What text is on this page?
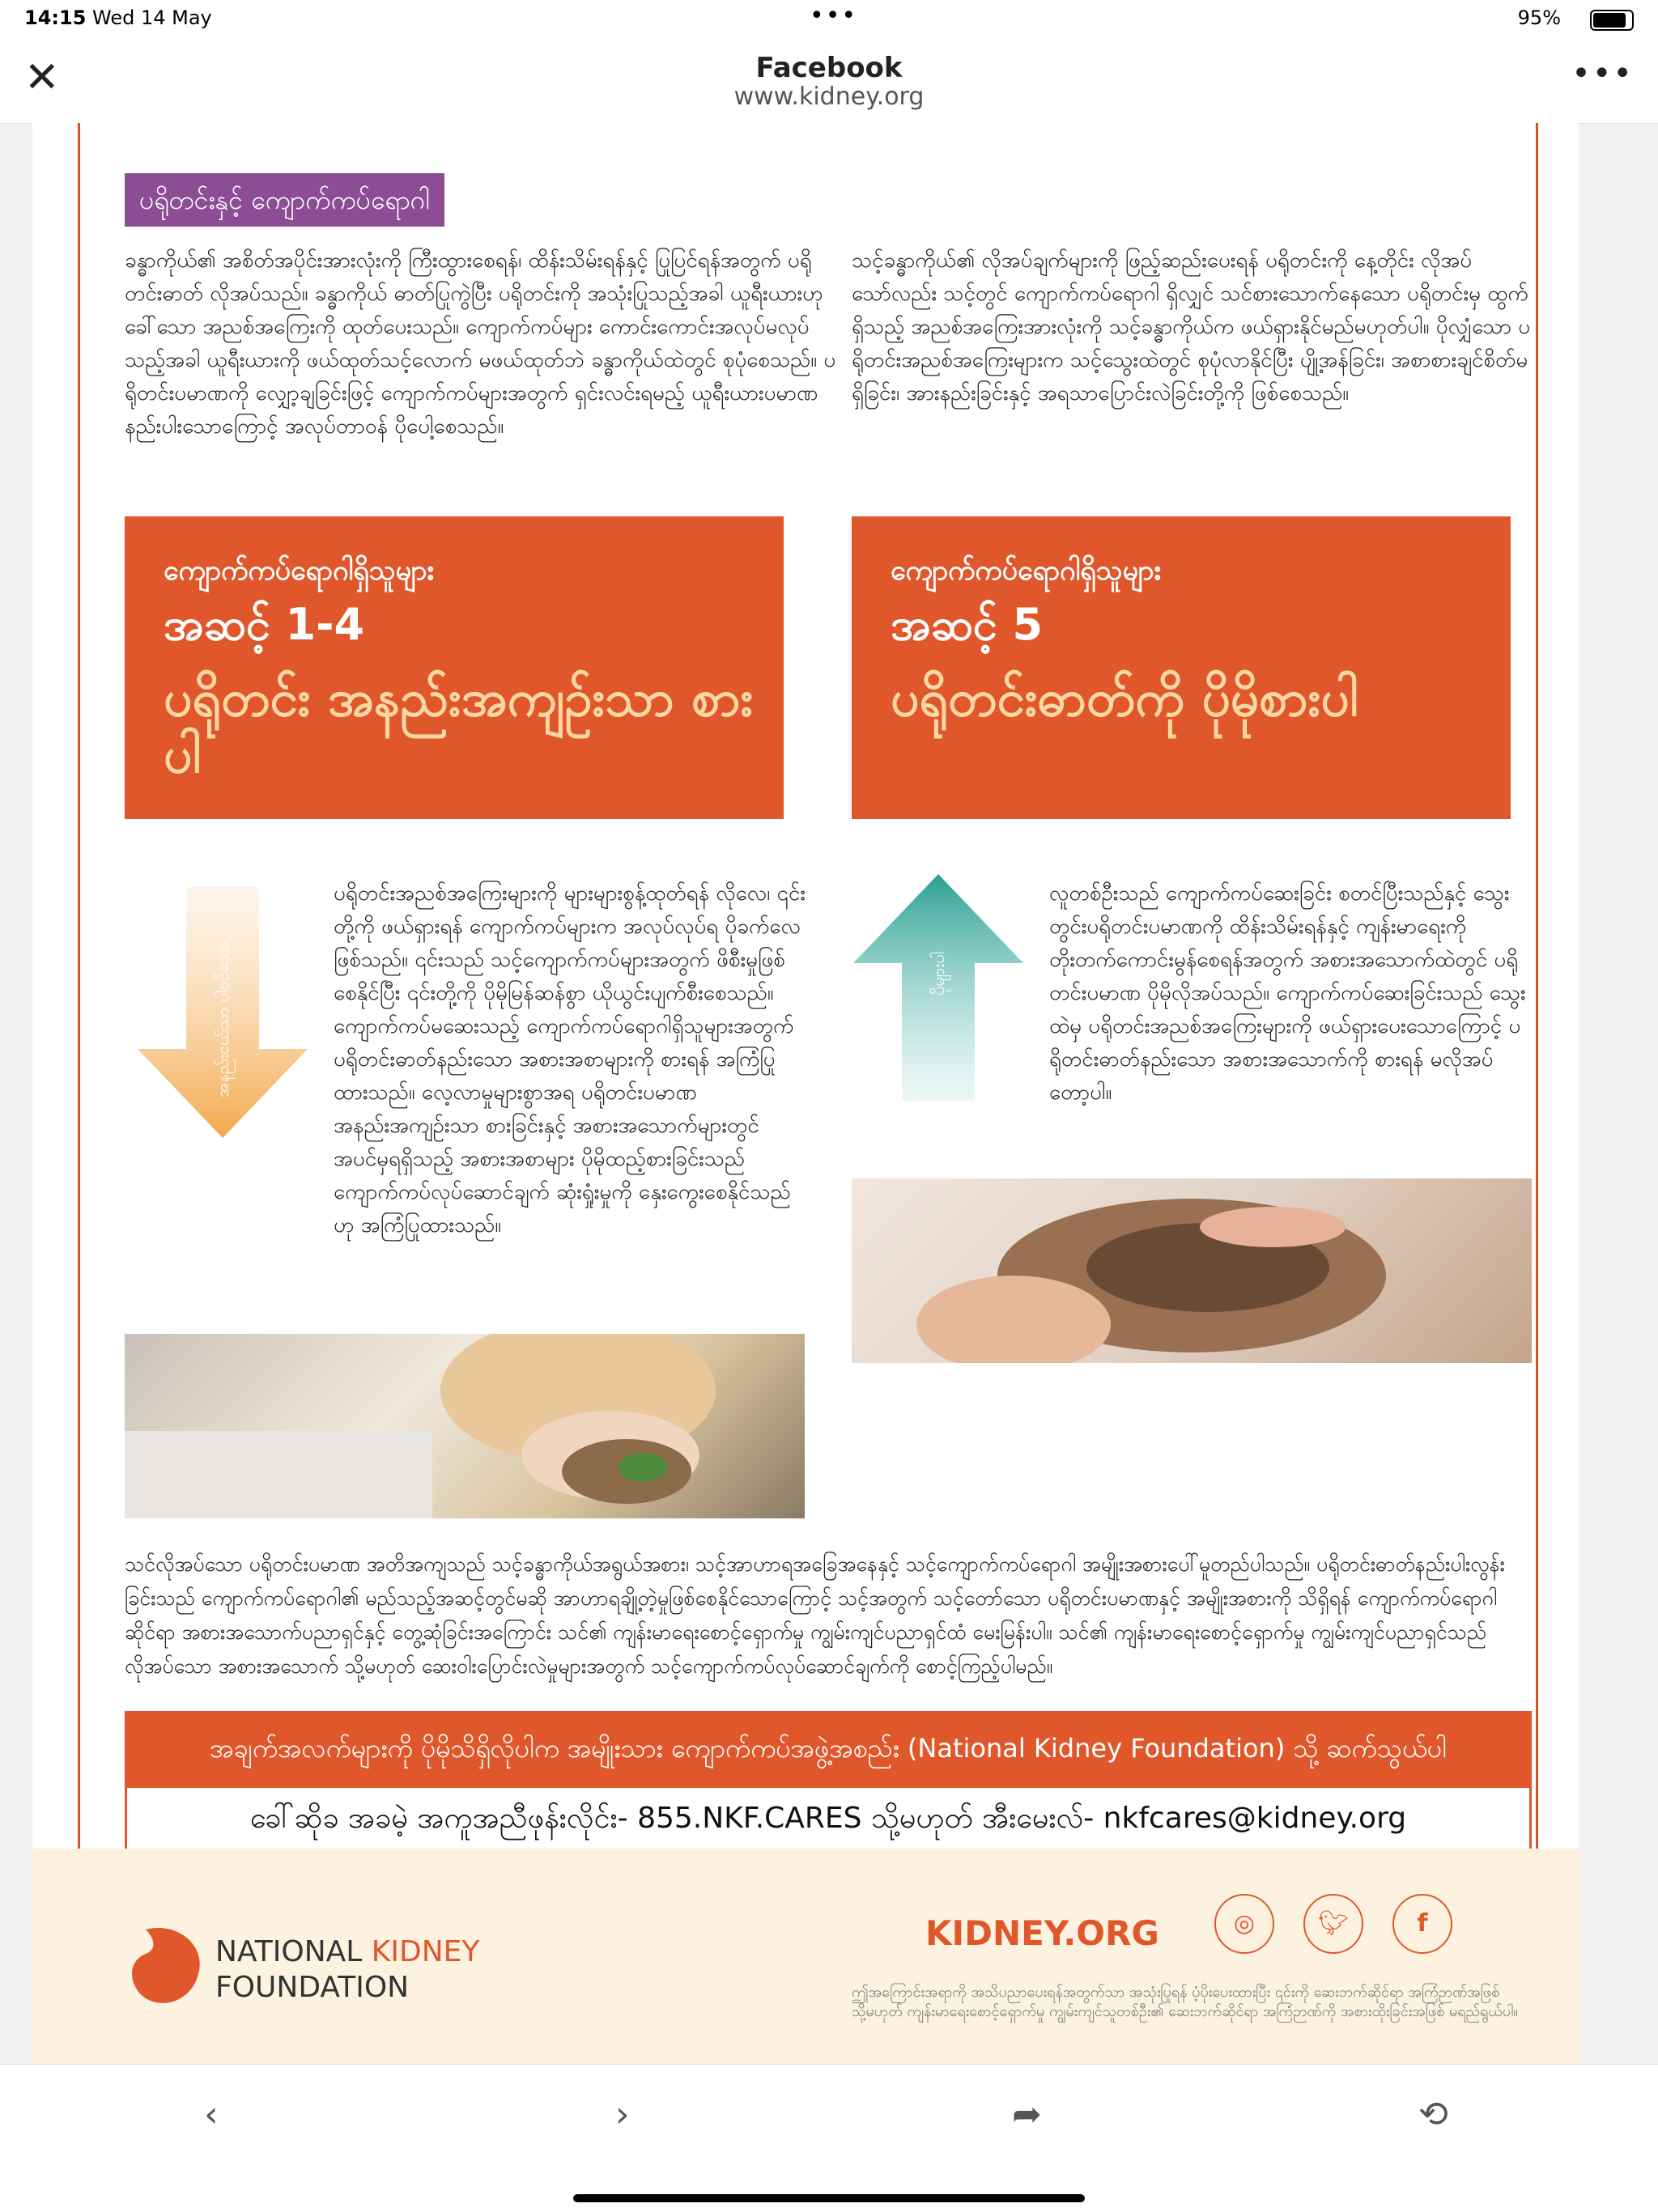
14:15 Wed 14 May	•••	95%
✕	Facebook
www.kidney.org
•••
ပရိုတင်းနှင့် ကျောက်ကပ်ရောဂါ
ခန္ဓာကိုယ်၏ အစိတ်အပိုင်းအားလုံးကို ကြီးထွားစေရန်၊ ထိန်းသိမ်းရန်နှင့် ပြုပြင်ရန်အတွက် ပရိုတင်းဓာတ် လိုအပ်သည်။ ခန္ဓာကိုယ် ဓာတ်ပြုကွဲပြီး ပရိုတင်းကို အသုံးပြုသည့်အခါ ယူရီးယားဟုခေါ်သော အညစ်အကြေးကို ထုတ်ပေးသည်။ ကျောက်ကပ်များ ကောင်းကောင်းအလုပ်မလုပ်သည့်အခါ ယူရီးယားကို ဖယ်ထုတ်သင့်လောက် မဖယ်ထုတ်ဘဲ ခန္ဓာကိုယ်ထဲတွင် စုပုံစေသည်။ ပရိုတင်းပမာဏကို လျှော့ချခြင်းဖြင့် ကျောက်ကပ်များအတွက် ရှင်းလင်းရမည့် ယူရီးယားပမာဏ နည်းပါးသောကြောင့် အလုပ်တာဝန် ပိုပေါ့စေသည်။
သင့်ခန္ဓာကိုယ်၏ လိုအပ်ချက်များကို ဖြည့်ဆည်းပေးရန် ပရိုတင်းကို နေ့တိုင်း လိုအပ်သော်လည်း သင့်တွင် ကျောက်ကပ်ရောဂါ ရှိလျှင် သင်စားသောက်နေသော ပရိုတင်းမှ ထွက်ရှိသည့် အညစ်အကြေးအားလုံးကို သင့်ခန္ဓာကိုယ်က ဖယ်ရှားနိုင်မည်မဟုတ်ပါ။ ပိုလျှံသော ပရိုတင်းအညစ်အကြေးများက သင့်သွေးထဲတွင် စုပုံလာနိုင်ပြီး ပျို့အန်ခြင်း၊ အစာစားချင်စိတ်မရှိခြင်း၊ အားနည်းခြင်းနှင့် အရသာပြောင်းလဲခြင်းတို့ကို ဖြစ်စေသည်။
ကျောက်ကပ်ရောဂါရှိသူများ
အဆင့် 1-4
ပရိုတင်း အနည်းအကျဉ်းသာ စားပါ
ကျောက်ကပ်ရောဂါရှိသူများ
အဆင့် 5
ပရိုတင်းဓာတ်ကို ပိုမိုစားပါ
အနည်းငယ်သာ ပါဝင်သော	ပိုများပါ
ပရိုတင်းအညစ်အကြေးများကို များများစွန့်ထုတ်ရန် လိုလေ၊ ၎င်းတို့ကို ဖယ်ရှားရန် ကျောက်ကပ်များက အလုပ်လုပ်ရ ပိုခက်လေဖြစ်သည်။ ၎င်းသည် သင့်ကျောက်ကပ်များအတွက် ဖိစီးမှုဖြစ်စေနိုင်ပြီး ၎င်းတို့ကို ပိုမိုမြန်ဆန်စွာ ယိုယွင်းပျက်စီးစေသည်။ ကျောက်ကပ်မဆေးသည့် ကျောက်ကပ်ရောဂါရှိသူများအတွက် ပရိုတင်းဓာတ်နည်းသော အစားအစာများကို စားရန် အကြံပြုထားသည်။ လေ့လာမှုများစွာအရ ပရိုတင်းပမာဏ အနည်းအကျဉ်းသာ စားခြင်းနှင့် အစားအသောက်များတွင် အပင်မှရရှိသည့် အစားအစာများ ပိုမိုထည့်စားခြင်းသည် ကျောက်ကပ်လုပ်ဆောင်ချက် ဆုံးရှုံးမှုကို နှေးကွေးစေနိုင်သည်ဟု အကြံပြုထားသည်။
လူတစ်ဦးသည် ကျောက်ကပ်ဆေးခြင်း စတင်ပြီးသည်နှင့် သွေးတွင်းပရိုတင်းပမာဏကို ထိန်းသိမ်းရန်နှင့် ကျန်းမာရေးကို တိုးတက်ကောင်းမွန်စေရန်အတွက် အစားအသောက်ထဲတွင် ပရိုတင်းပမာဏ ပိုမိုလိုအပ်သည်။ ကျောက်ကပ်ဆေးခြင်းသည် သွေးထဲမှ ပရိုတင်းအညစ်အကြေးများကို ဖယ်ရှားပေးသောကြောင့် ပရိုတင်းဓာတ်နည်းသော အစားအသောက်ကို စားရန် မလိုအပ်တော့ပါ။
သင်လိုအပ်သော ပရိုတင်းပမာဏ အတိအကျသည် သင့်ခန္ဓာကိုယ်အရွယ်အစား၊ သင့်အာဟာရအခြေအနေနှင့် သင့်ကျောက်ကပ်ရောဂါ အမျိုးအစားပေါ်မူတည်ပါသည်။ ပရိုတင်းဓာတ်နည်းပါးလွန်းခြင်းသည် ကျောက်ကပ်ရောဂါ၏ မည်သည့်အဆင့်တွင်မဆို အာဟာရချို့တဲ့မှုဖြစ်စေနိုင်သောကြောင့် သင့်အတွက် သင့်တော်သော ပရိုတင်းပမာဏနှင့် အမျိုးအစားကို သိရှိရန် ကျောက်ကပ်ရောဂါဆိုင်ရာ အစားအသောက်ပညာရှင်နှင့် တွေ့ဆုံခြင်းအကြောင်း သင်၏ ကျန်းမာရေးစောင့်ရှောက်မှု ကျွမ်းကျင်ပညာရှင်ထံ မေးမြန်းပါ။ သင်၏ ကျန်းမာရေးစောင့်ရှောက်မှု ကျွမ်းကျင်ပညာရှင်သည် လိုအပ်သော အစားအသောက် သို့မဟုတ် ဆေးဝါးပြောင်းလဲမှုများအတွက် သင့်ကျောက်ကပ်လုပ်ဆောင်ချက်ကို စောင့်ကြည့်ပါမည်။
အချက်အလက်များကို ပိုမိုသိရှိလိုပါက အမျိုးသား ကျောက်ကပ်အဖွဲ့အစည်း (National Kidney Foundation) သို့ ဆက်သွယ်ပါ
ခေါ်ဆိုခ အခမဲ့ အကူအညီဖုန်းလိုင်း- 855.NKF.CARES သို့မဟုတ် အီးမေးလ်- nkfcares@kidney.org
NATIONAL KIDNEY
FOUNDATION
KIDNEY.ORG	◎	🐦︎	f
ဤအကြောင်းအရာကို အသိပညာပေးရန်အတွက်သာ အသုံးပြုရန် ပံ့ပိုးပေးထားပြီး ၎င်းကို ဆေးဘက်ဆိုင်ရာ အကြံဉာဏ်အဖြစ် သို့မဟုတ် ကျန်းမာရေးစောင့်ရှောက်မှု ကျွမ်းကျင်သူတစ်ဦး၏ ဆေးဘက်ဆိုင်ရာ အကြံဉာဏ်ကို အစားထိုးခြင်းအဖြစ် မရည်ရွယ်ပါ။
‹	›	➦	⟲
